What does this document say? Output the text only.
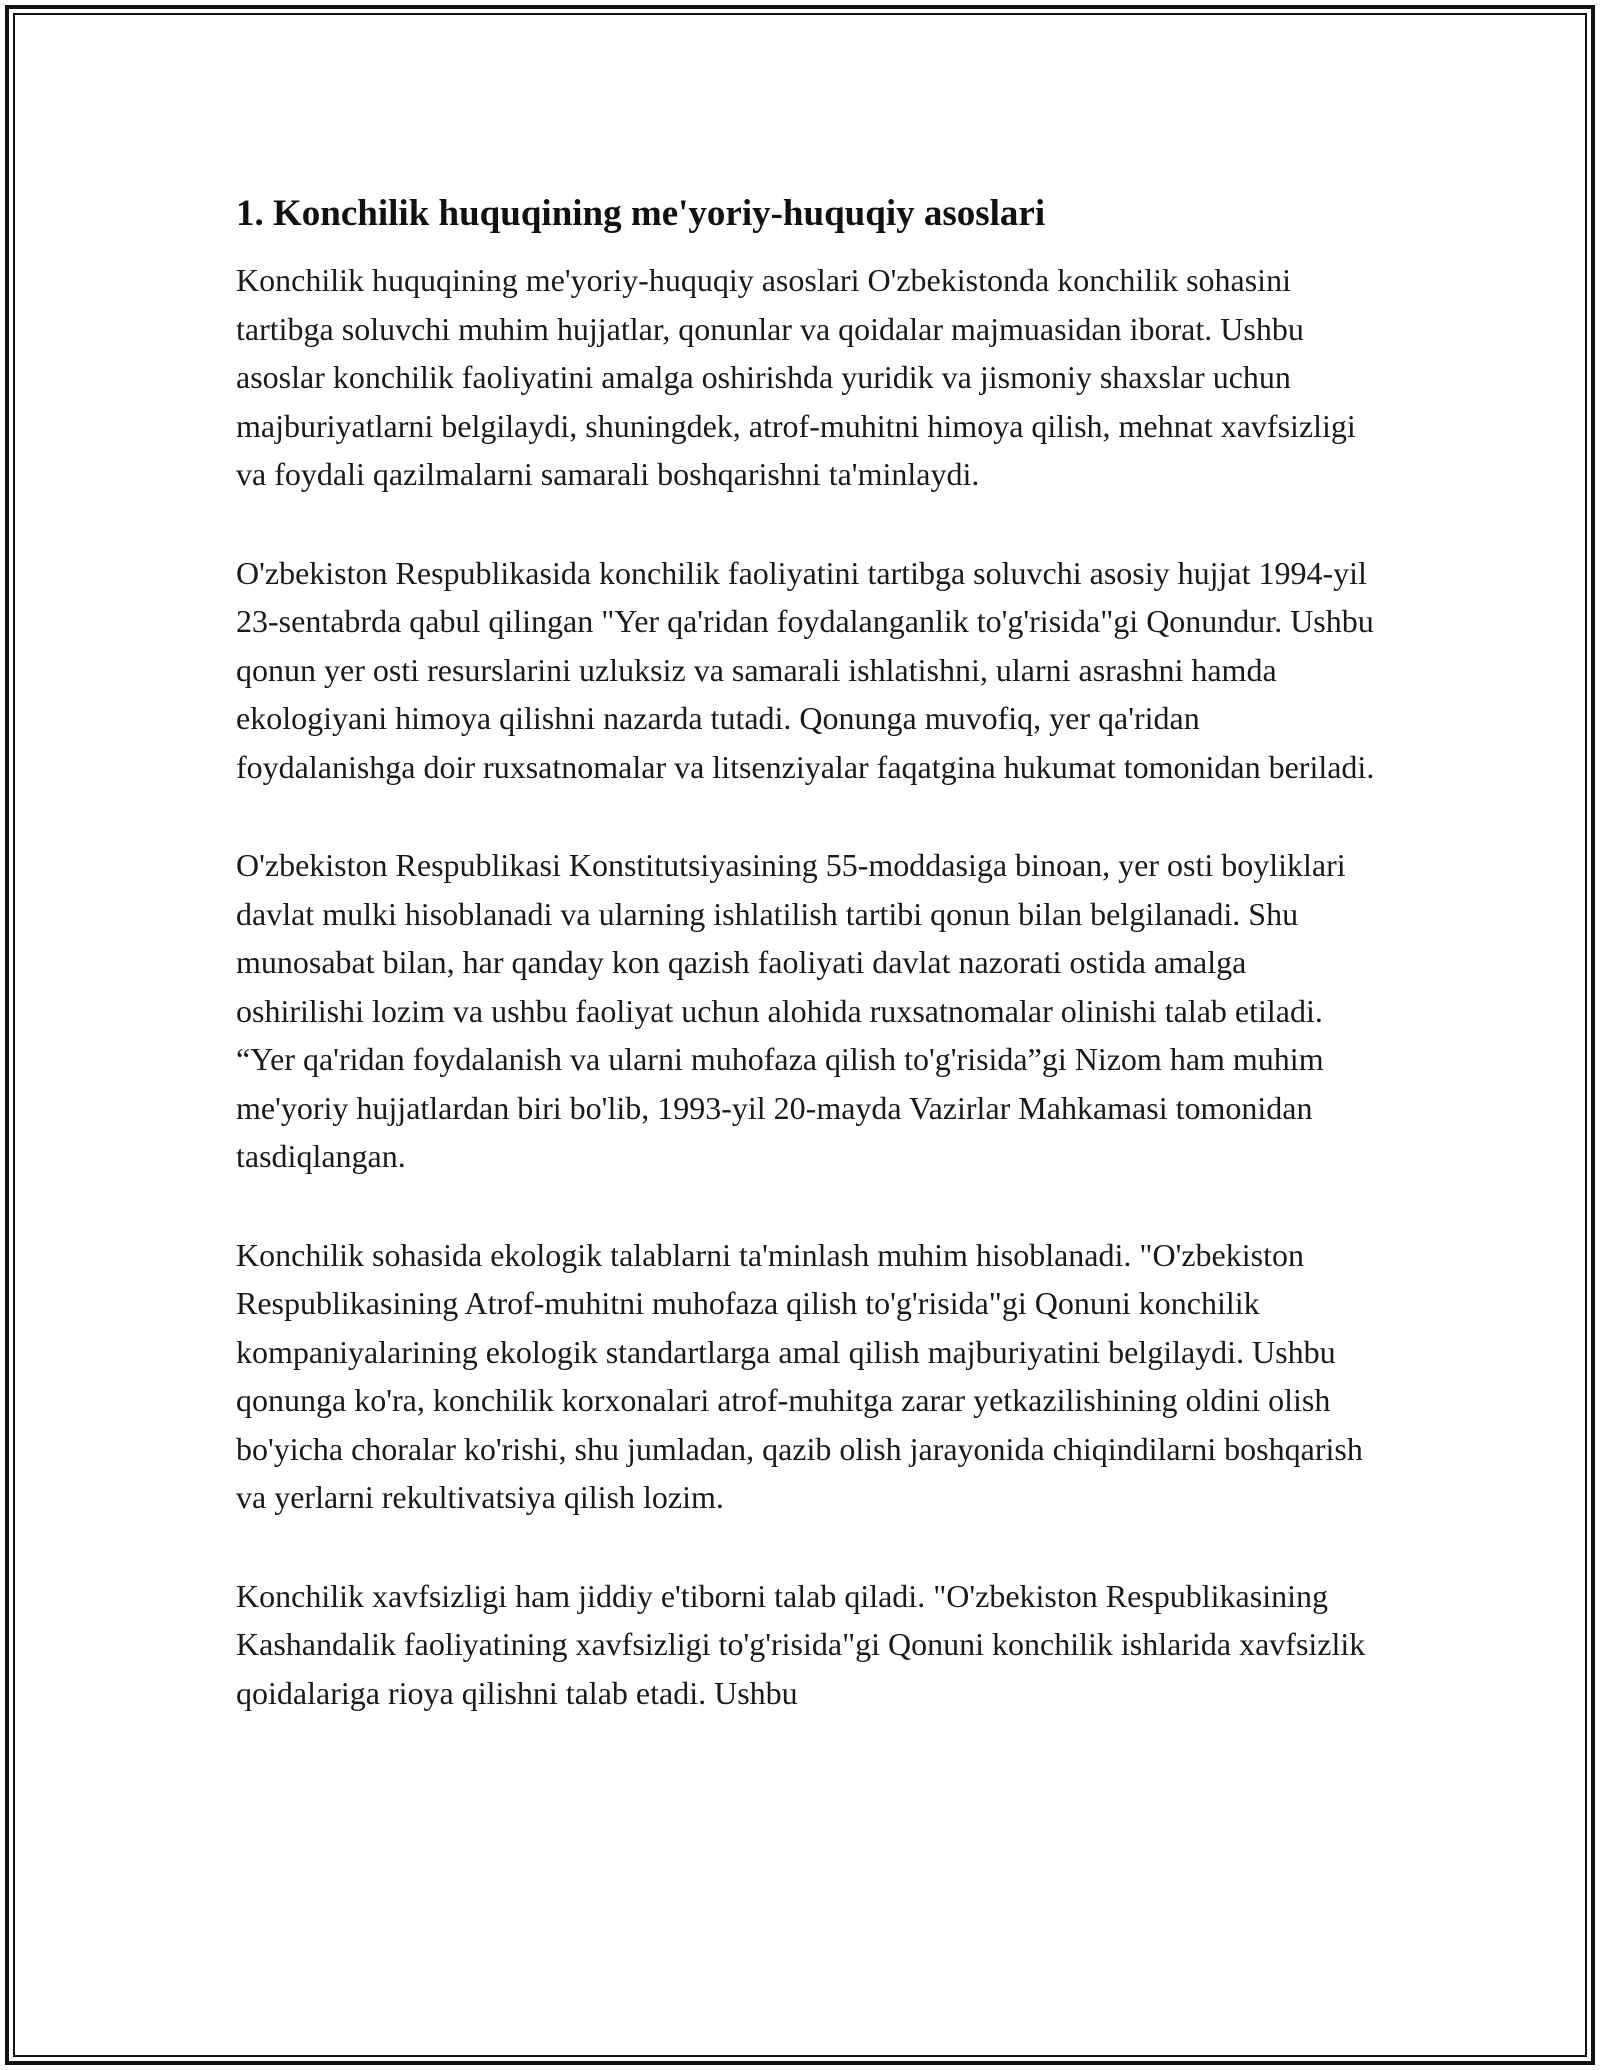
1. Konchilik huquqining me'yoriy-huquqiy asoslari

Konchilik huquqining me'yoriy-huquqiy asoslari O'zbekistonda konchilik sohasini tartibga soluvchi muhim hujjatlar, qonunlar va qoidalar majmuasidan iborat. Ushbu asoslar konchilik faoliyatini amalga oshirishda yuridik va jismoniy shaxslar uchun majburiyatlarni belgilaydi, shuningdek, atrof-muhitni himoya qilish, mehnat xavfsizligi va foydali qazilmalarni samarali boshqarishni ta'minlaydi.

O'zbekiston Respublikasida konchilik faoliyatini tartibga soluvchi asosiy hujjat 1994-yil 23-sentabrda qabul qilingan "Yer qa'ridan foydalanganlik to'g'risida"gi Qonundur. Ushbu qonun yer osti resurslarini uzluksiz va samarali ishlatishni, ularni asrashni hamda ekologiyani himoya qilishni nazarda tutadi. Qonunga muvofiq, yer qa'ridan foydalanishga doir ruxsatnomalar va litsenziyalar faqatgina hukumat tomonidan beriladi.

O'zbekiston Respublikasi Konstitutsiyasining 55-moddasiga binoan, yer osti boyliklari davlat mulki hisoblanadi va ularning ishlatilish tartibi qonun bilan belgilanadi. Shu munosabat bilan, har qanday kon qazish faoliyati davlat nazorati ostida amalga oshirilishi lozim va ushbu faoliyat uchun alohida ruxsatnomalar olinishi talab etiladi. “Yer qa'ridan foydalanish va ularni muhofaza qilish to'g'risida”gi Nizom ham muhim me'yoriy hujjatlardan biri bo'lib, 1993-yil 20-mayda Vazirlar Mahkamasi tomonidan tasdiqlangan.

Konchilik sohasida ekologik talablarni ta'minlash muhim hisoblanadi. "O'zbekiston Respublikasining Atrof-muhitni muhofaza qilish to'g'risida"gi Qonuni konchilik kompaniyalarining ekologik standartlarga amal qilish majburiyatini belgilaydi. Ushbu qonunga ko'ra, konchilik korxonalari atrof-muhitga zarar yetkazilishining oldini olish bo'yicha choralar ko'rishi, shu jumladan, qazib olish jarayonida chiqindilarni boshqarish va yerlarni rekultivatsiya qilish lozim.

Konchilik xavfsizligi ham jiddiy e'tiborni talab qiladi. "O'zbekiston Respublikasining Kashandalik faoliyatining xavfsizligi to'g'risida"gi Qonuni konchilik ishlarida xavfsizlik qoidalariga rioya qilishni talab etadi. Ushbu
